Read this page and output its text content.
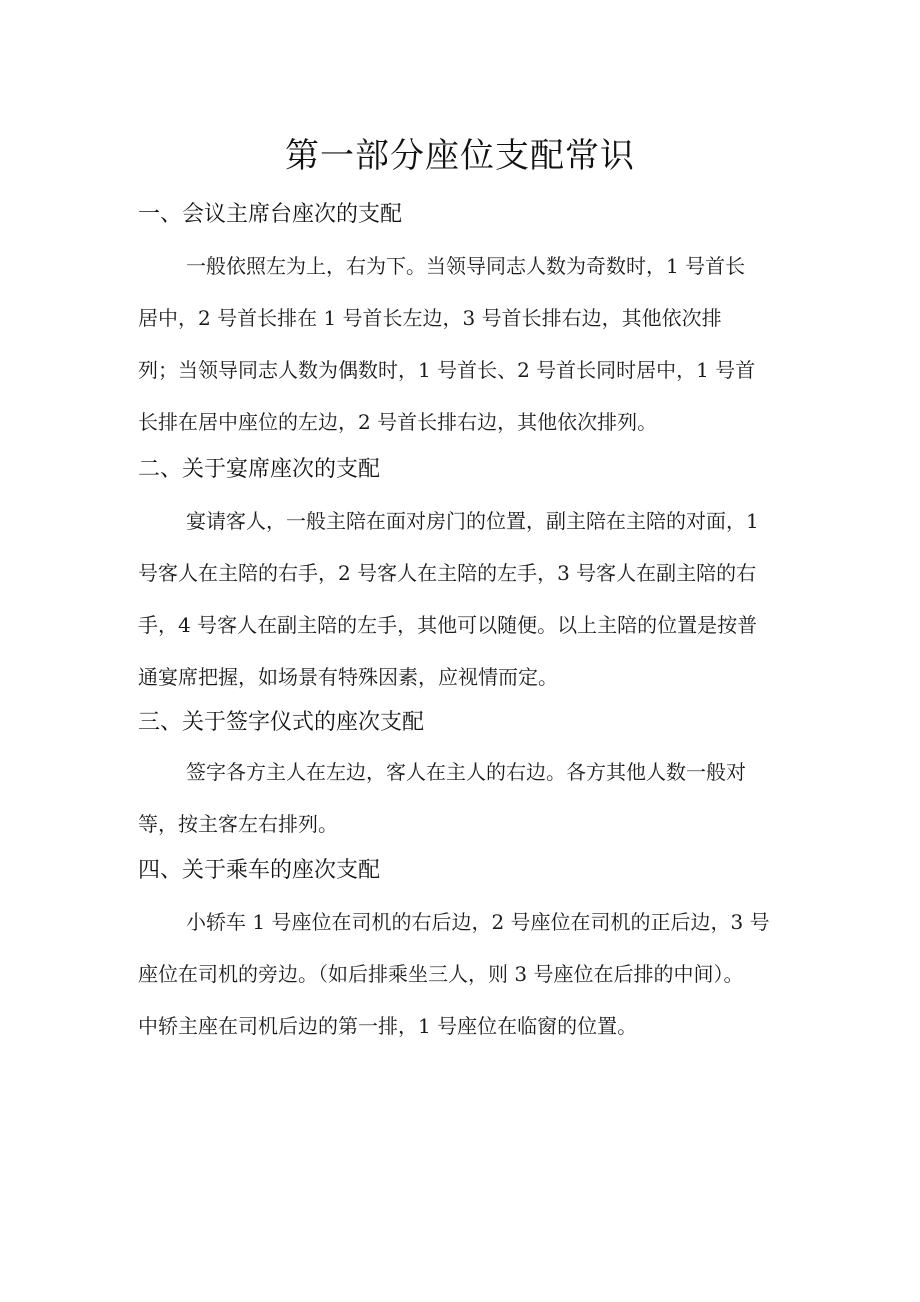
第一部分座位支配常识
一、会议主席台座次的支配
一般依照左为上，右为下。当领导同志人数为奇数时，1 号首长
居中，2 号首长排在 1 号首长左边，3 号首长排右边，其他依次排
列；当领导同志人数为偶数时，1 号首长、2 号首长同时居中，1 号首
长排在居中座位的左边，2 号首长排右边，其他依次排列。
二、关于宴席座次的支配
宴请客人，一般主陪在面对房门的位置，副主陪在主陪的对面，1
号客人在主陪的右手，2 号客人在主陪的左手，3 号客人在副主陪的右
手，4 号客人在副主陪的左手，其他可以随便。以上主陪的位置是按普
通宴席把握，如场景有特殊因素，应视情而定。
三、关于签字仪式的座次支配
签字各方主人在左边，客人在主人的右边。各方其他人数一般对
等，按主客左右排列。
四、关于乘车的座次支配
小轿车 1 号座位在司机的右后边，2 号座位在司机的正后边，3 号
座位在司机的旁边。（如后排乘坐三人，则 3 号座位在后排的中间）。
中轿主座在司机后边的第一排，1 号座位在临窗的位置。
